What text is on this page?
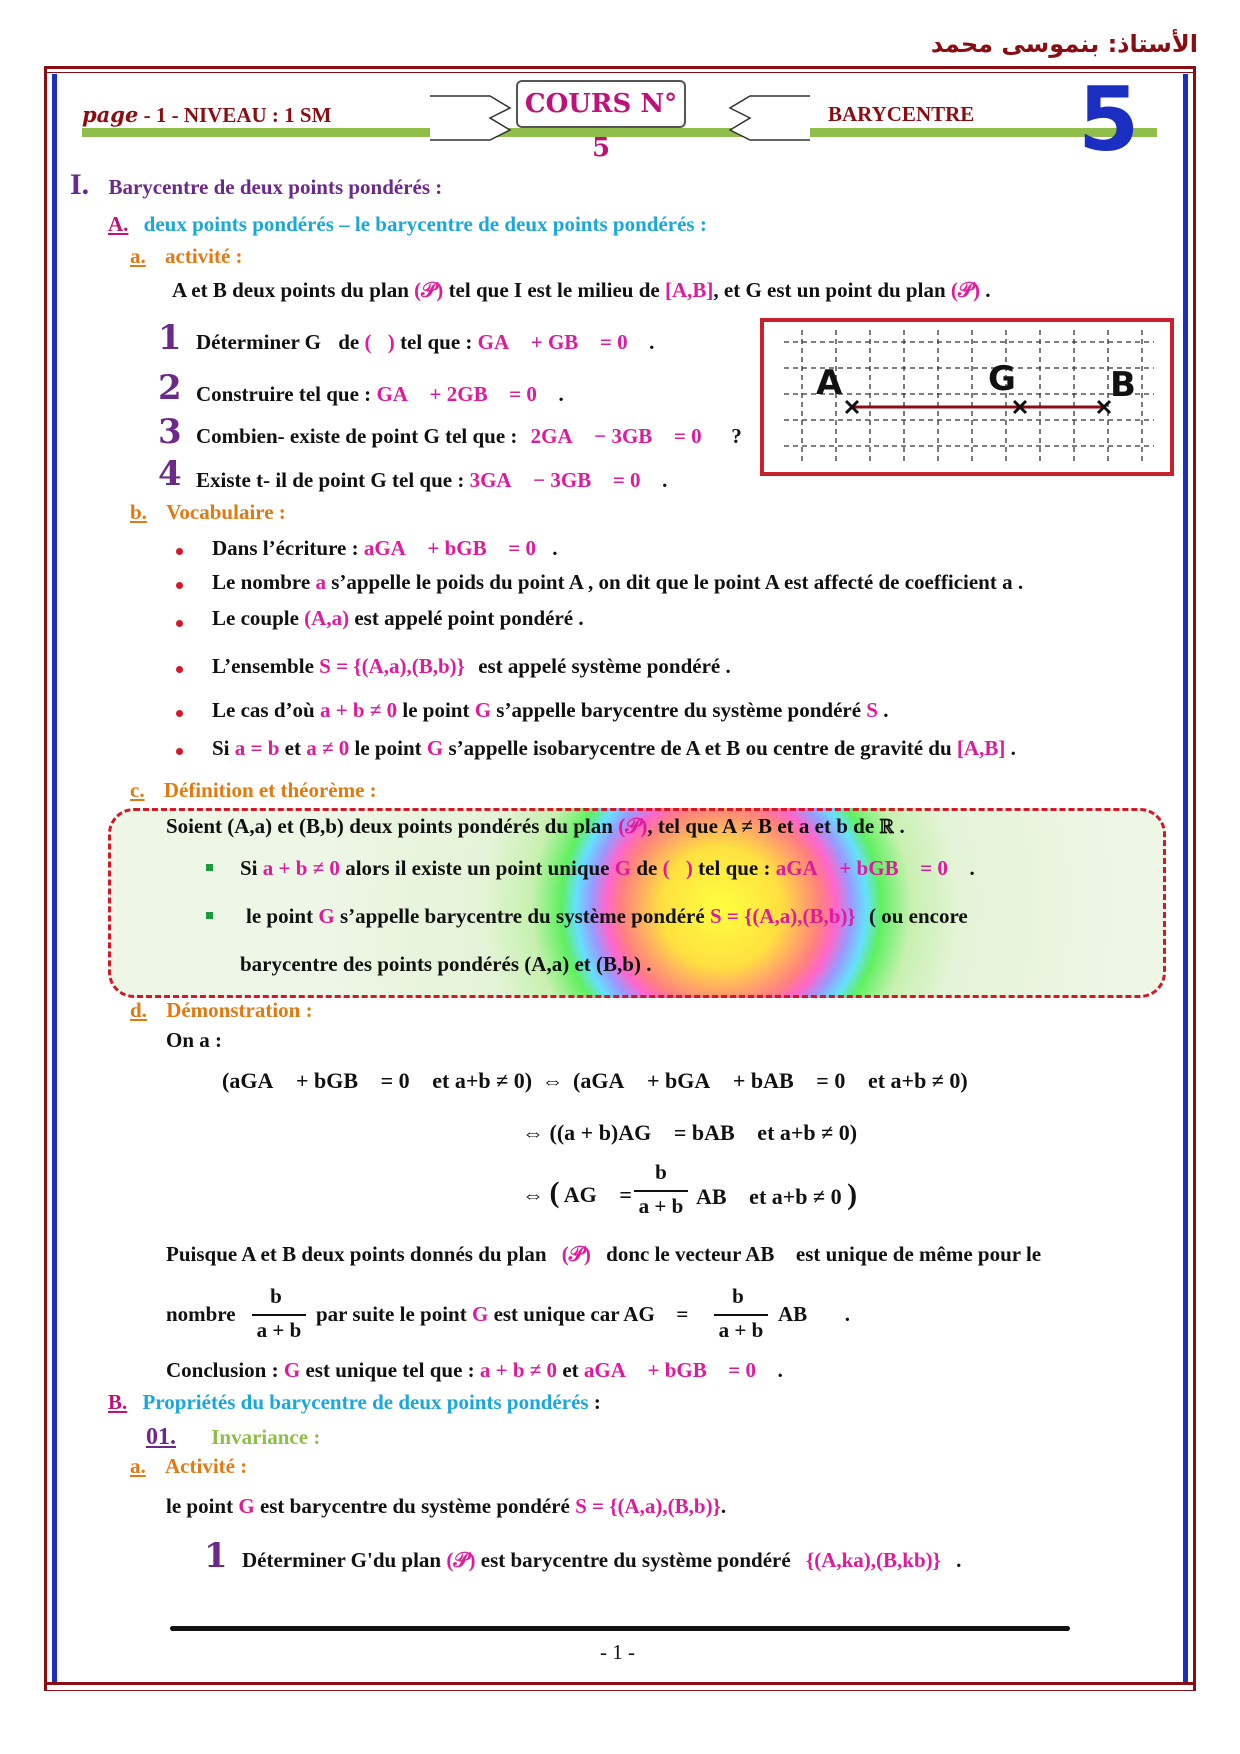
الأستاذ: بنموسى محمد
page - 1 - NIVEAU : 1 SM	COURS N° 5
BARYCENTRE 5
I. Barycentre de deux points pondérés :
A. deux points pondérés – le barycentre de deux points pondérés :
a. activité :
A et B deux points du plan (𝒫) tel que I est le milieu de [A,B], et G est un point du plan (𝒫) .
1 Déterminer G de (𝒫) tel que : GA⃗ + GB⃗ = 0⃗ .
2 Construire tel que : GA⃗ + 2GB⃗ = 0⃗ .
3 Combien- existe de point G tel que : 2GA⃗ − 3GB⃗ = 0⃗ ?
4 Existe t- il de point G tel que : 3GA⃗ − 3GB⃗ = 0⃗ .
A	G	B
b. Vocabulaire :
Dans l’écriture : aGA⃗ + bGB⃗ = 0⃗.
Le nombre a s’appelle le poids du point A , on dit que le point A est affecté de coefficient a .
Le couple (A,a) est appelé point pondéré .
L’ensemble S = {(A,a),(B,b)} est appelé système pondéré .
Le cas d’où a + b ≠ 0 le point G s’appelle barycentre du système pondéré S .
Si a = b et a ≠ 0 le point G s’appelle isobarycentre de A et B ou centre de gravité du [A,B] .
c. Définition et théorème :
Soient (A,a) et (B,b) deux points pondérés du plan (𝒫), tel que A ≠ B et a et b de ℝ .
Si a + b ≠ 0 alors il existe un point unique G de (𝒫) tel que : aGA⃗ + bGB⃗ = 0⃗ .
le point G s’appelle barycentre du système pondéré S = {(A,a),(B,b)} ( ou encore
barycentre des points pondérés (A,a) et (B,b) .
d. Démonstration :
On a :
(aGA⃗ + bGB⃗ = 0⃗ et a+b ≠ 0) ⇔ (aGA⃗ + bGA⃗ + bAB⃗ = 0⃗ et a+b ≠ 0)
⇔ ((a + b)AG⃗ = bAB⃗ et a+b ≠ 0)
⇔ ( AG⃗ =
b
a + b AB⃗ et a+b ≠ 0 )
Puisque A et B deux points donnés du plan (𝒫) donc le vecteur AB⃗ est unique de même pour le
nombre
b
a + b
par suite le point G est unique car AG⃗ =
b
a + b
AB⃗ .
Conclusion : G est unique tel que : a + b ≠ 0 et aGA⃗ + bGB⃗ = 0⃗ .
B. Propriétés du barycentre de deux points pondérés :
01. Invariance :
a. Activité :
le point G est barycentre du système pondéré S = {(A,a),(B,b)}.
1 Déterminer G'du plan (𝒫) est barycentre du système pondéré {(A,ka),(B,kb)} .
- 1 -
